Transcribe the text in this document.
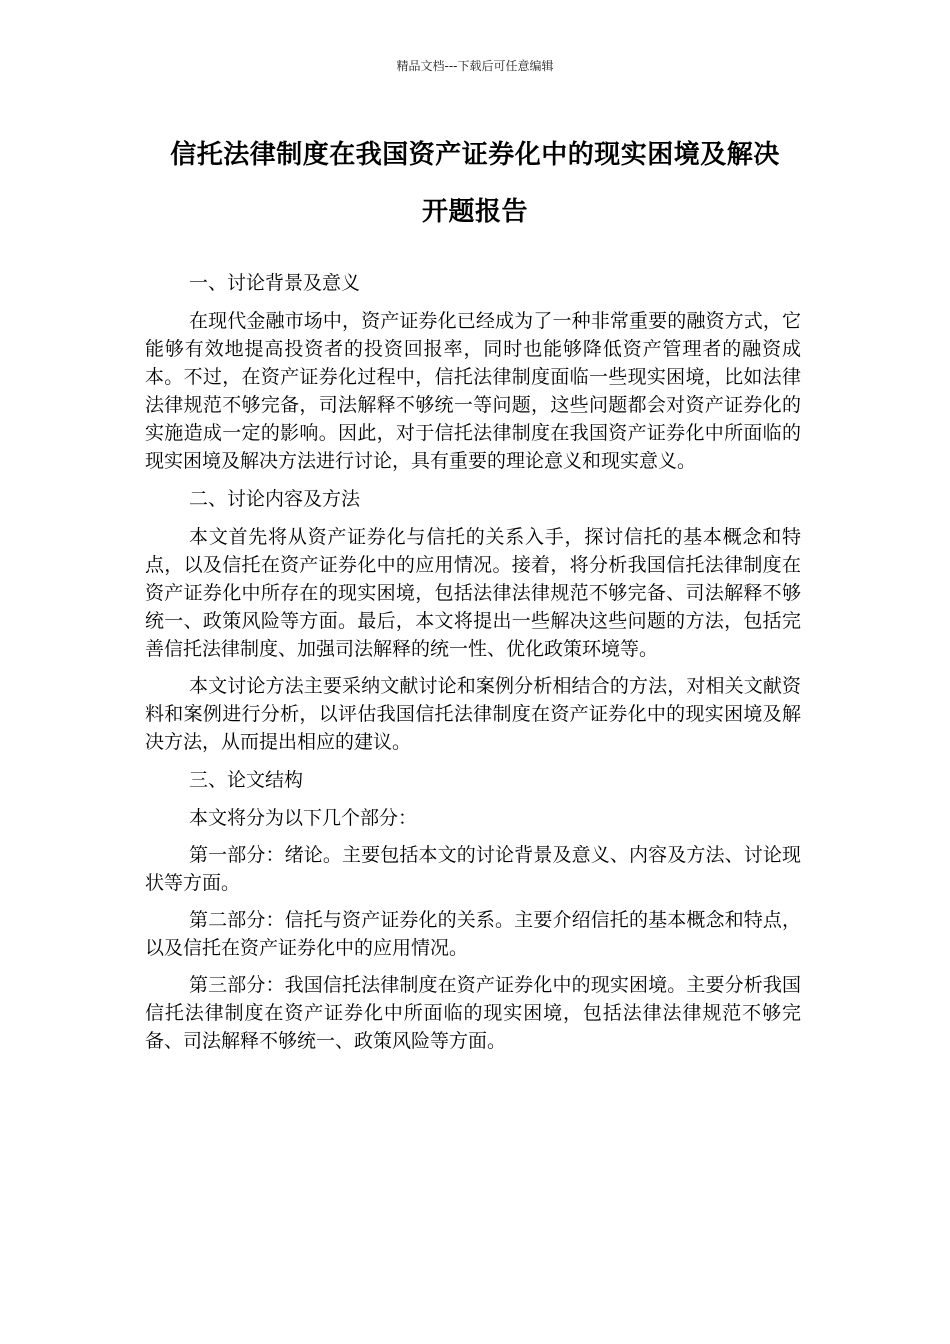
精品文档---下载后可任意编辑
信托法律制度在我国资产证券化中的现实困境及解决
开题报告
一、讨论背景及意义

在现代金融市场中，资产证券化已经成为了一种非常重要的融资方式，它能够有效地提高投资者的投资回报率，同时也能够降低资产管理者的融资成本。不过，在资产证券化过程中，信托法律制度面临一些现实困境，比如法律法律规范不够完备，司法解释不够统一等问题，这些问题都会对资产证券化的实施造成一定的影响。因此，对于信托法律制度在我国资产证券化中所面临的现实困境及解决方法进行讨论，具有重要的理论意义和现实意义。

二、讨论内容及方法

本文首先将从资产证券化与信托的关系入手，探讨信托的基本概念和特点，以及信托在资产证券化中的应用情况。接着，将分析我国信托法律制度在资产证券化中所存在的现实困境，包括法律法律规范不够完备、司法解释不够统一、政策风险等方面。最后，本文将提出一些解决这些问题的方法，包括完善信托法律制度、加强司法解释的统一性、优化政策环境等。

本文讨论方法主要采纳文献讨论和案例分析相结合的方法，对相关文献资料和案例进行分析，以评估我国信托法律制度在资产证券化中的现实困境及解决方法，从而提出相应的建议。

三、论文结构

本文将分为以下几个部分：

第一部分：绪论。主要包括本文的讨论背景及意义、内容及方法、讨论现状等方面。

第二部分：信托与资产证券化的关系。主要介绍信托的基本概念和特点，以及信托在资产证券化中的应用情况。

第三部分：我国信托法律制度在资产证券化中的现实困境。主要分析我国信托法律制度在资产证券化中所面临的现实困境，包括法律法律规范不够完备、司法解释不够统一、政策风险等方面。
